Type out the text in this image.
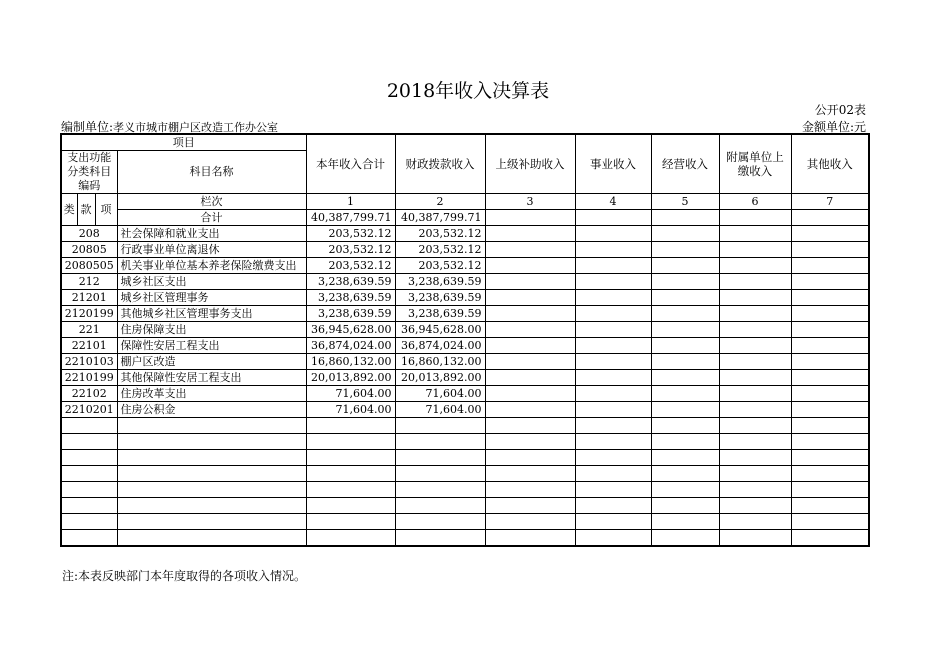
2018年收入决算表
公开02表
编制单位:孝义市城市棚户区改造工作办公室	金额单位:元
项目				本年收入合计	财政拨款收入	上级补助收入	事业收入	经营收入	附属单位上缴收入	其他收入
支出功能分类科目编码			科目名称							

类	款	项	栏次	1	2	3	4	5	6	7
			合计	40,387,799.71	40,387,799.71					
208			社会保障和就业支出	203,532.12	203,532.12					
20805			行政事业单位离退休	203,532.12	203,532.12					
2080505			机关事业单位基本养老保险缴费支出	203,532.12	203,532.12					
212			城乡社区支出	3,238,639.59	3,238,639.59					
21201			城乡社区管理事务	3,238,639.59	3,238,639.59					
2120199			其他城乡社区管理事务支出	3,238,639.59	3,238,639.59					
221			住房保障支出	36,945,628.00	36,945,628.00					
22101			保障性安居工程支出	36,874,024.00	36,874,024.00					
2210103			棚户区改造	16,860,132.00	16,860,132.00					
2210199			其他保障性安居工程支出	20,013,892.00	20,013,892.00					
22102			住房改革支出	71,604.00	71,604.00					
2210201			住房公积金	71,604.00	71,604.00					

注:本表反映部门本年度取得的各项收入情况。
